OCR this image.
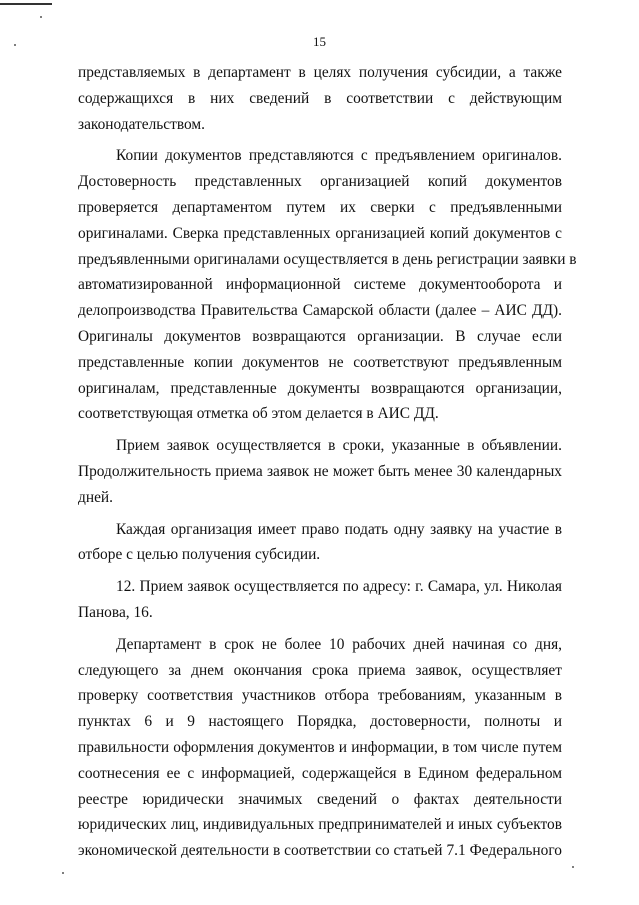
15
представляемых в департамент в целях получения субсидии, а также
содержащихся в них сведений в соответствии с действующим
законодательством.
Копии документов представляются с предъявлением оригиналов.
Достоверность представленных организацией копий документов
проверяется департаментом путем их сверки с предъявленными
оригиналами. Сверка представленных организацией копий документов с
предъявленными оригиналами осуществляется в день регистрации заявки в
автоматизированной информационной системе документооборота и
делопроизводства Правительства Самарской области (далее – АИС ДД).
Оригиналы документов возвращаются организации. В случае если
представленные копии документов не соответствуют предъявленным
оригиналам, представленные документы возвращаются организации,
соответствующая отметка об этом делается в АИС ДД.
Прием заявок осуществляется в сроки, указанные в объявлении.
Продолжительность приема заявок не может быть менее 30 календарных
дней.
Каждая организация имеет право подать одну заявку на участие в
отборе с целью получения субсидии.
12. Прием заявок осуществляется по адресу: г. Самара, ул. Николая
Панова, 16.
Департамент в срок не более 10 рабочих дней начиная со дня,
следующего за днем окончания срока приема заявок, осуществляет
проверку соответствия участников отбора требованиям, указанным в
пунктах 6 и 9 настоящего Порядка, достоверности, полноты и
правильности оформления документов и информации, в том числе путем
соотнесения ее с информацией, содержащейся в Едином федеральном
реестре юридически значимых сведений о фактах деятельности
юридических лиц, индивидуальных предпринимателей и иных субъектов
экономической деятельности в соответствии со статьей 7.1 Федерального
